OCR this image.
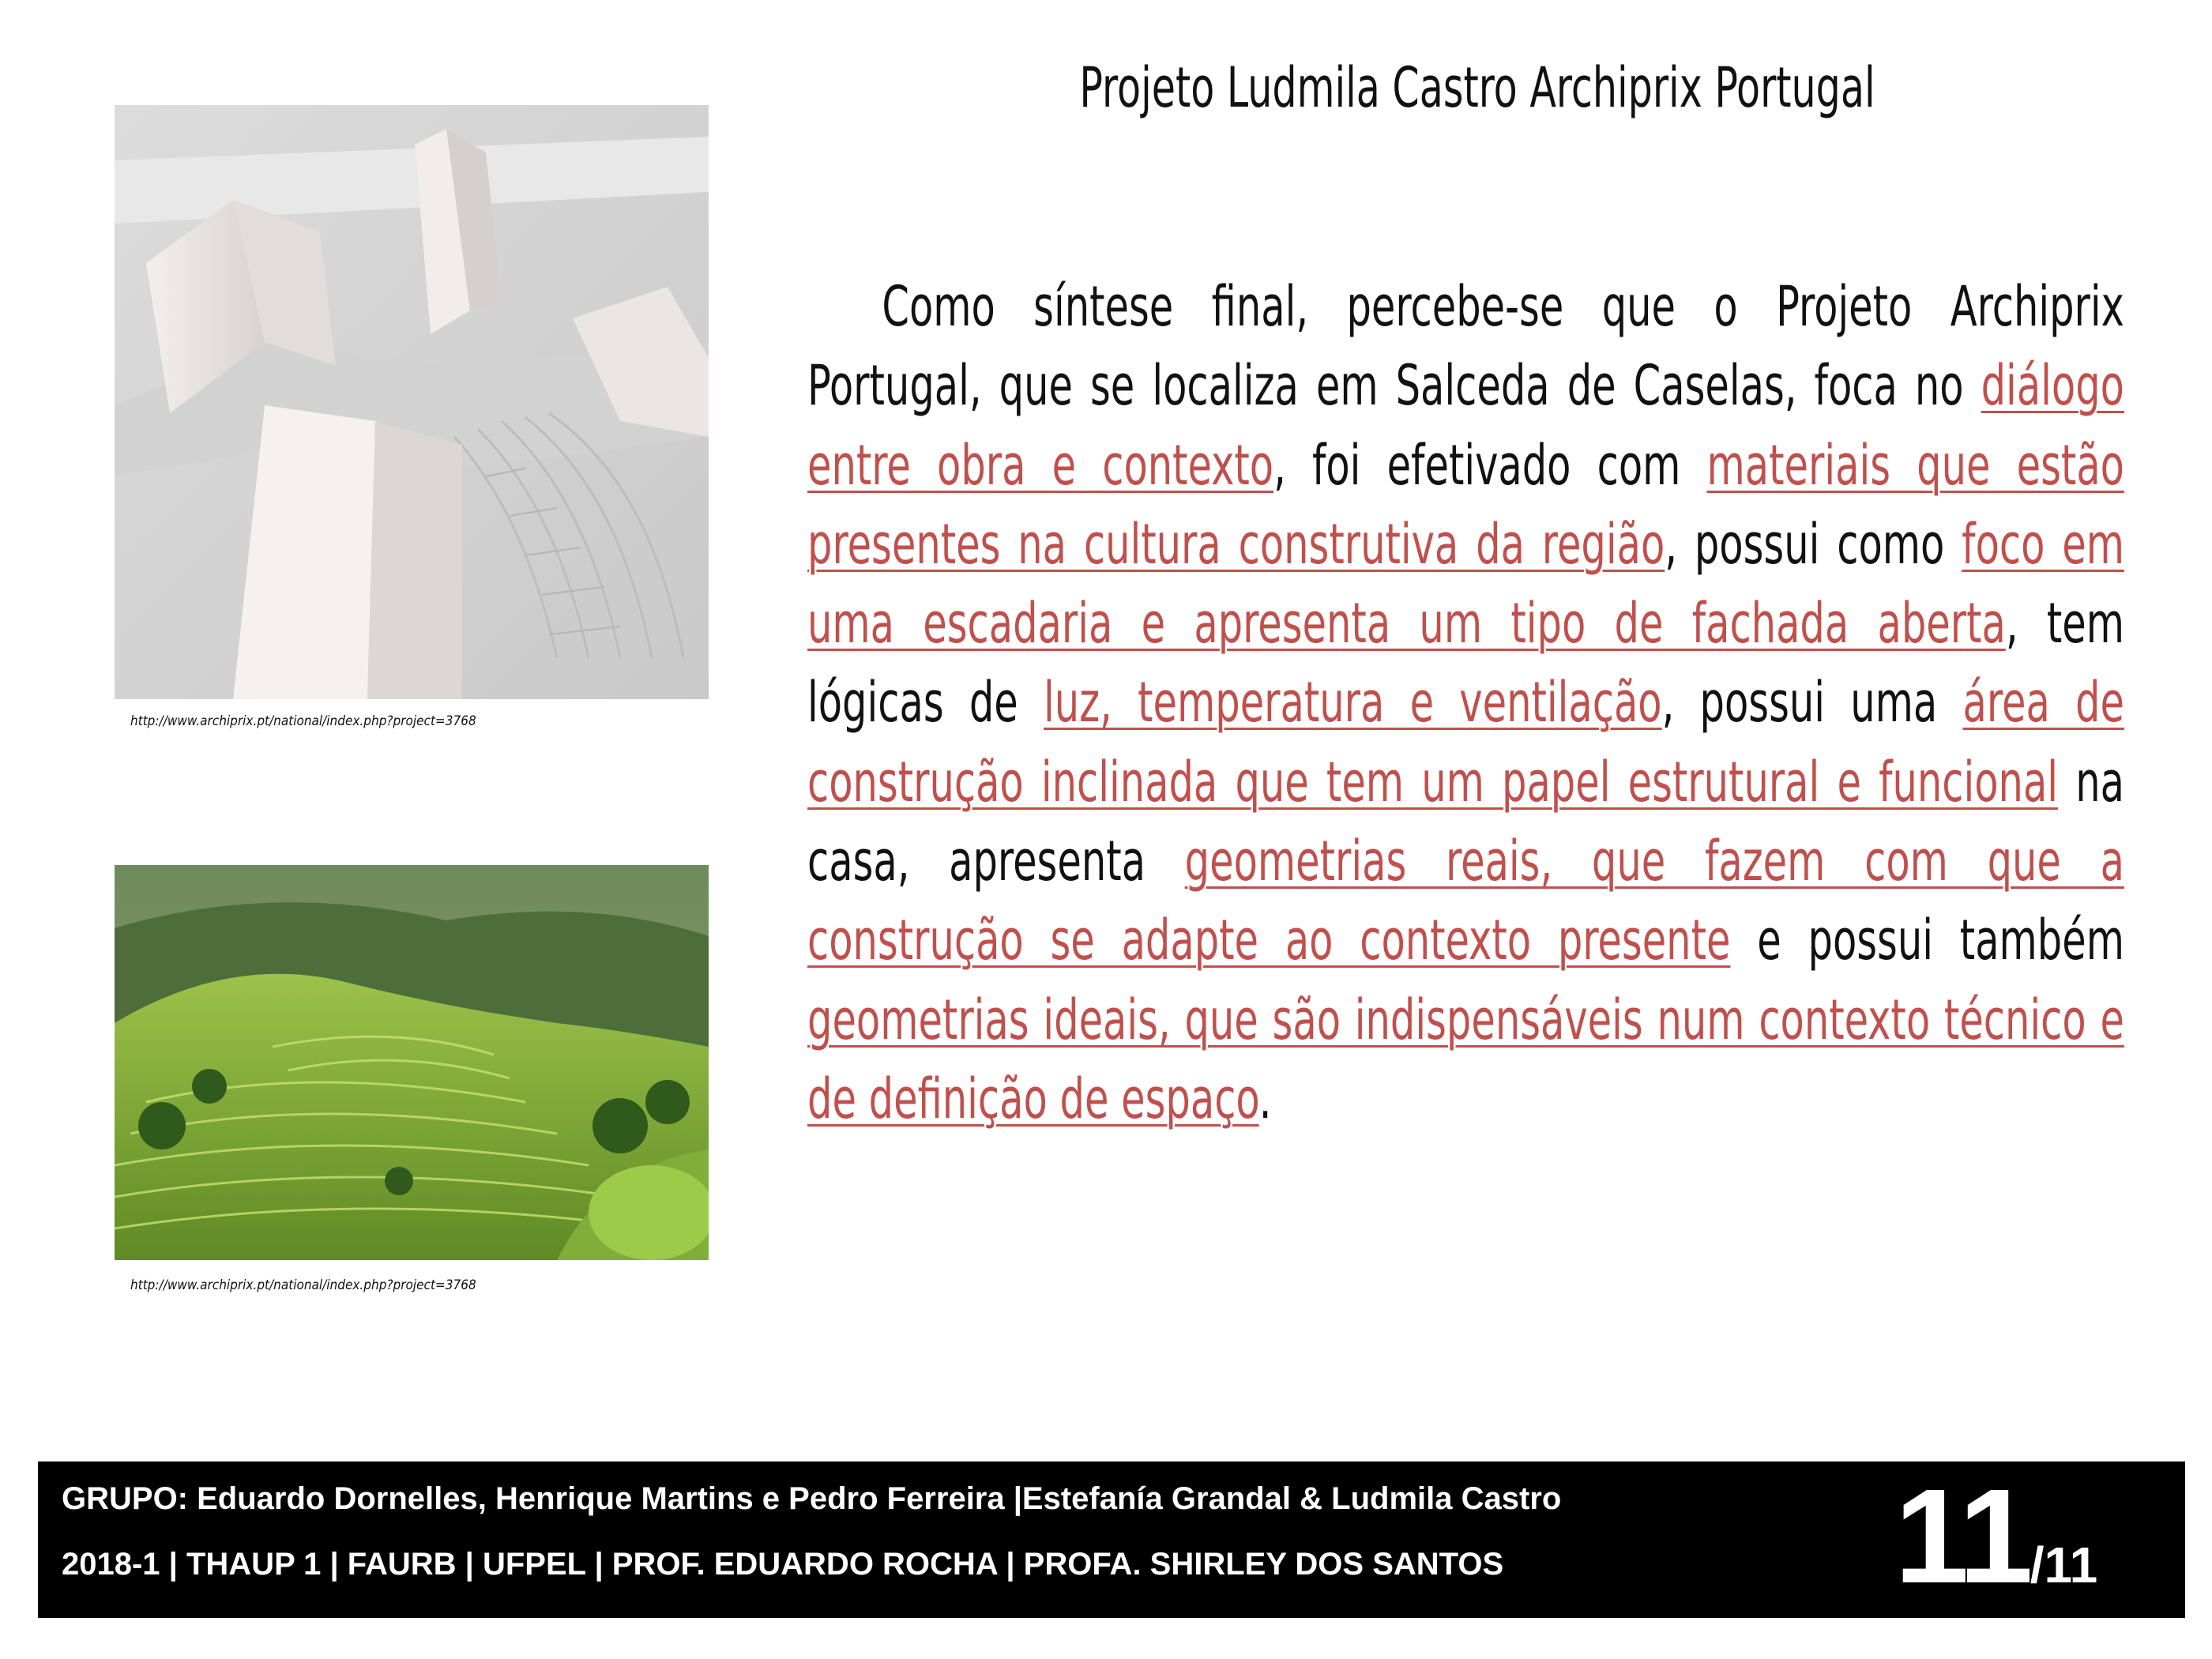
http://www.archiprix.pt/national/index.php?project=3768
http://www.archiprix.pt/national/index.php?project=3768
Projeto Ludmila Castro Archiprix Portugal
Como síntese final, percebe-se que o Projeto Archiprix Portugal, que se localiza em Salceda de Caselas, foca no diálogo entre obra e contexto, foi efetivado com materiais que estão presentes na cultura construtiva da região, possui como foco em uma escadaria e apresenta um tipo de fachada aberta, tem lógicas de luz, temperatura e ventilação, possui uma área de construção inclinada que tem um papel estrutural e funcional na casa, apresenta geometrias reais, que fazem com que a construção se adapte ao contexto presente e possui também geometrias ideais, que são indispensáveis num contexto técnico e de definição de espaço.
GRUPO: Eduardo Dornelles, Henrique Martins e Pedro Ferreira |Estefanía Grandal & Ludmila Castro
2018-1 | THAUP 1 | FAURB | UFPEL | PROF. EDUARDO ROCHA | PROFA. SHIRLEY DOS SANTOS	11/11
